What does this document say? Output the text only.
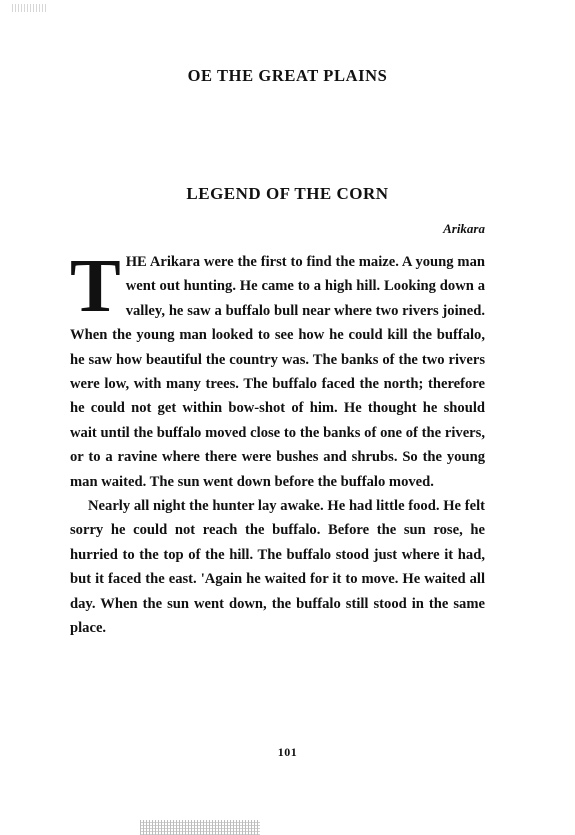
OE THE GREAT PLAINS
LEGEND OF THE CORN
Arikara

THE Arikara were the first to find the maize. A young man went out hunting. He came to a high hill. Looking down a valley, he saw a buffalo bull near where two rivers joined. When the young man looked to see how he could kill the buffalo, he saw how beautiful the country was. The banks of the two rivers were low, with many trees. The buffalo faced the north; therefore he could not get within bow-shot of him. He thought he should wait until the buffalo moved close to the banks of one of the rivers, or to a ravine where there were bushes and shrubs. So the young man waited. The sun went down before the buffalo moved.

Nearly all night the hunter lay awake. He had little food. He felt sorry he could not reach the buffalo. Before the sun rose, he hurried to the top of the hill. The buffalo stood just where it had, but it faced the east. 'Again he waited for it to move. He waited all day. When the sun went down, the buffalo still stood in the same place.

101
